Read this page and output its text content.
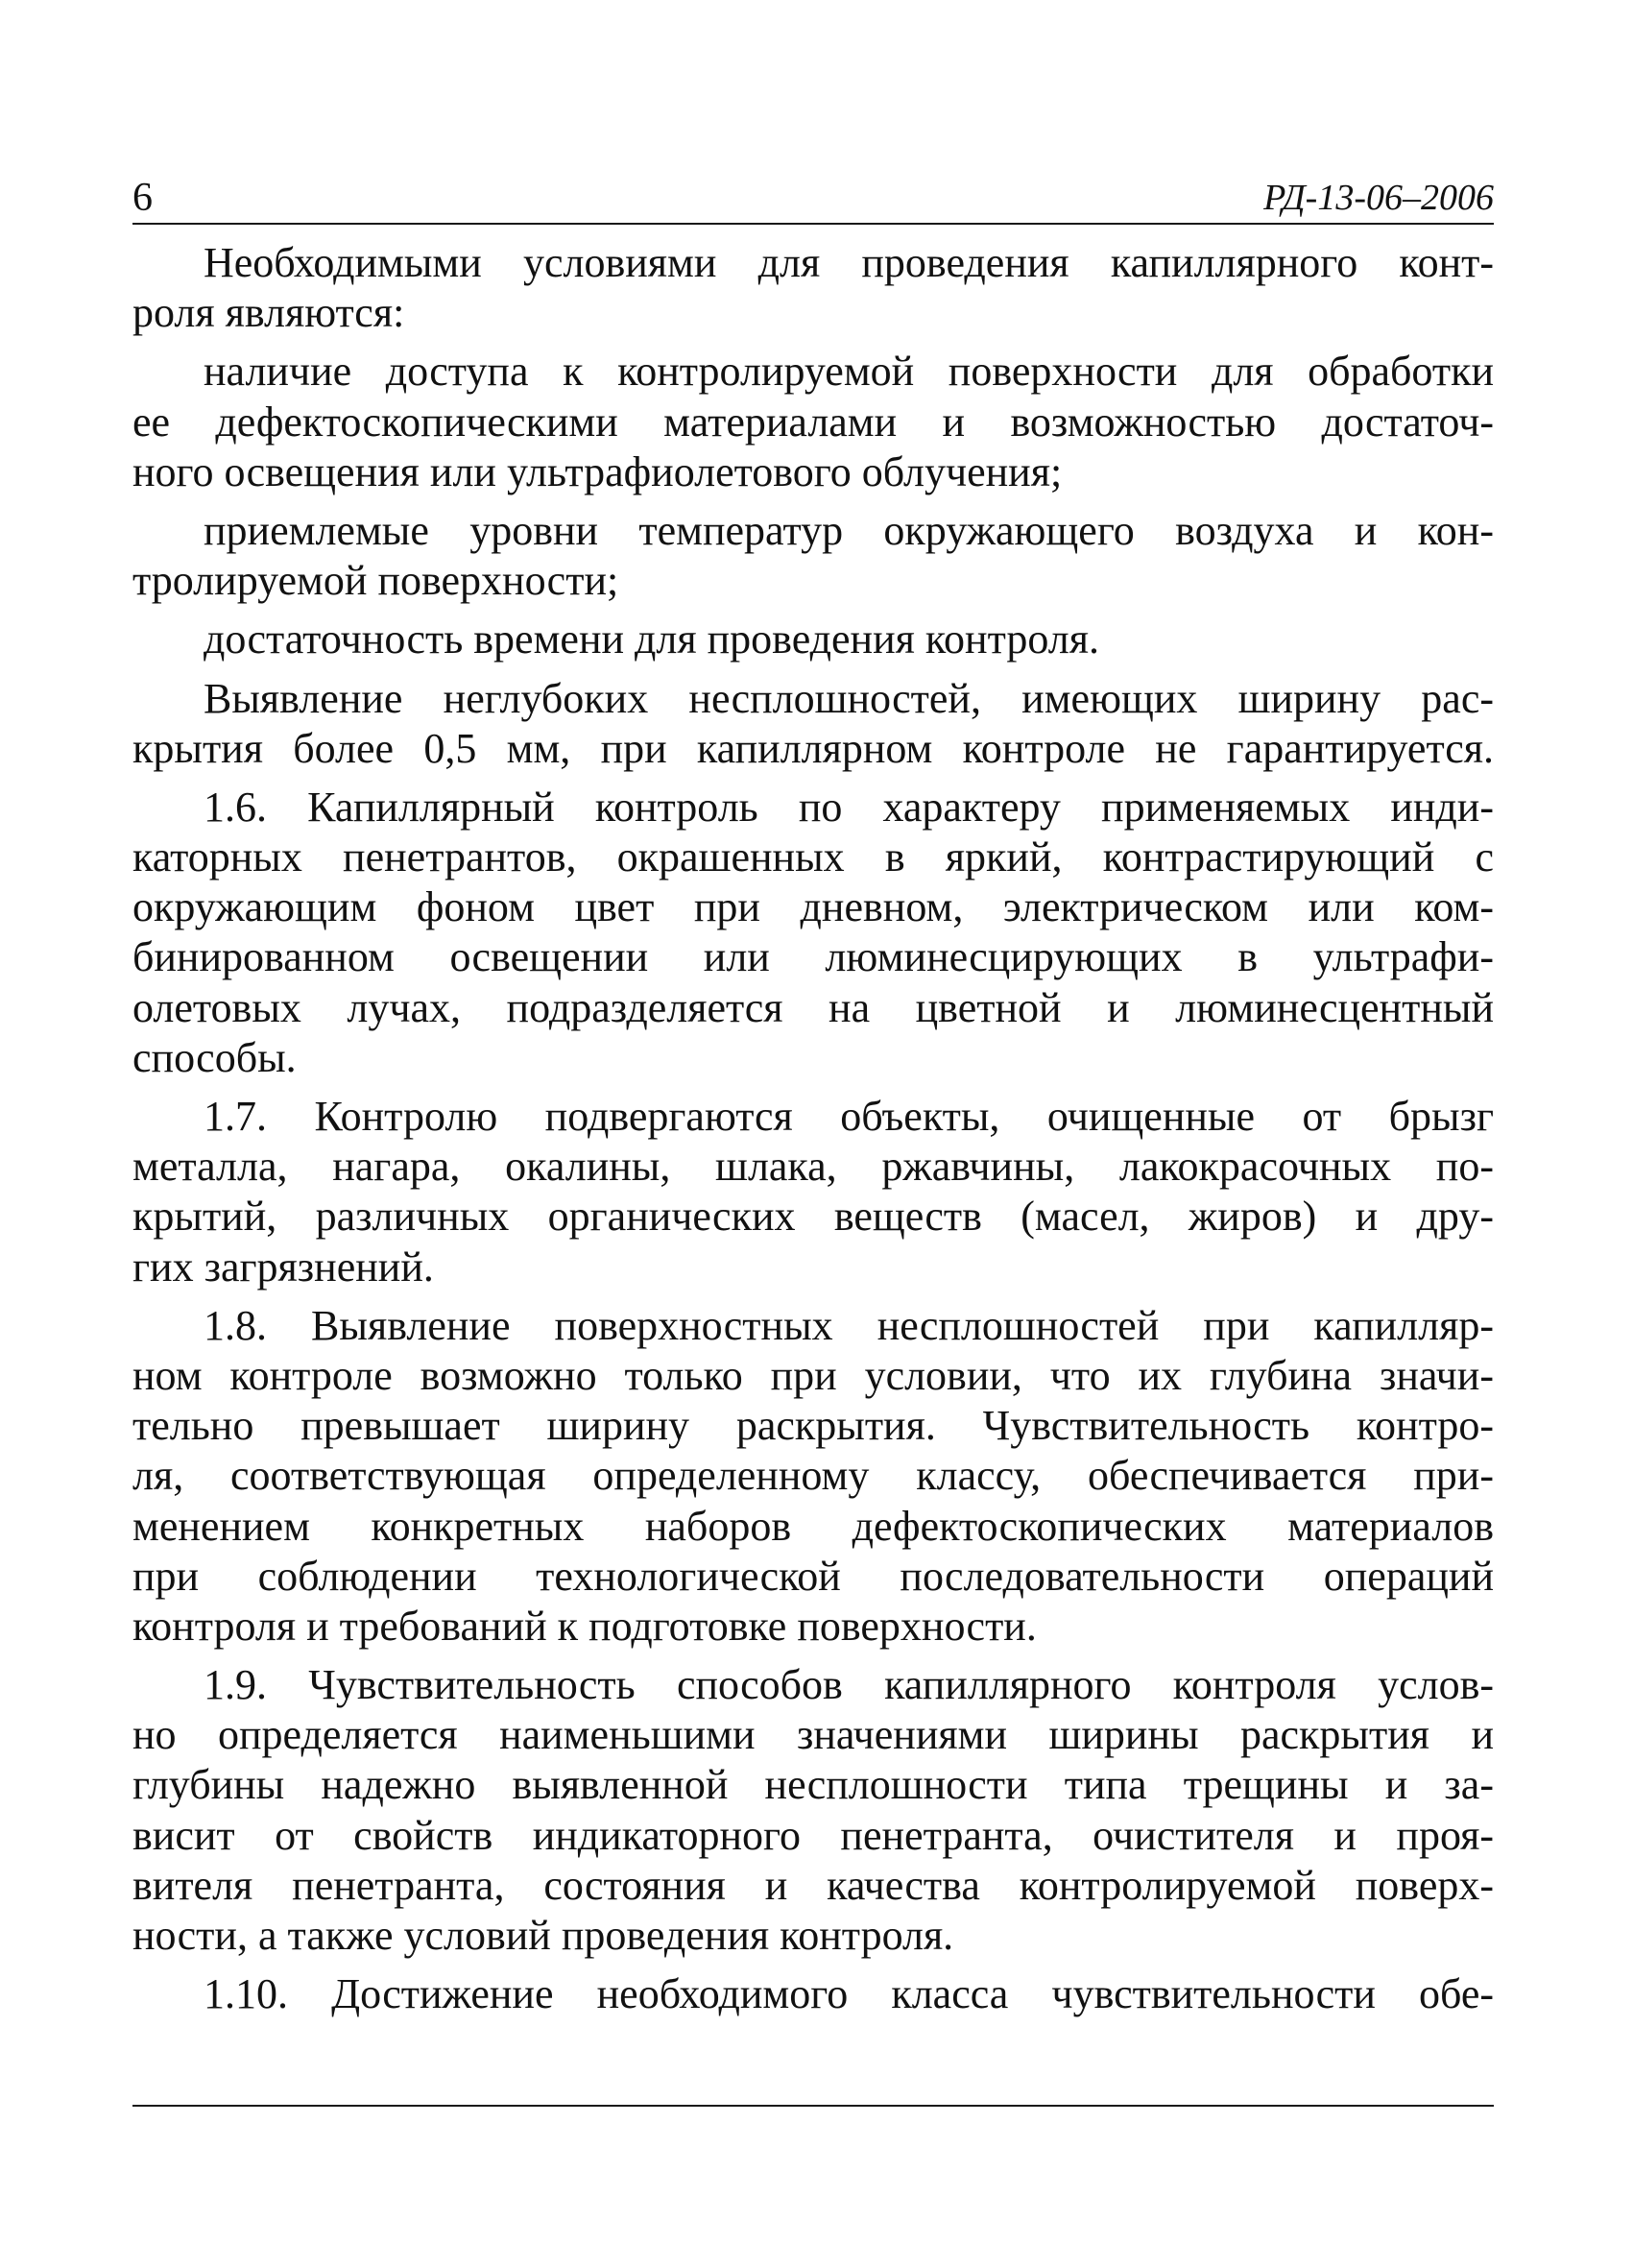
6	РД-13-06–2006
Необходимыми условиями для проведения капиллярного конт-
роля являются:
наличие доступа к контролируемой поверхности для обработки
ее дефектоскопическими материалами и возможностью достаточ-
ного освещения или ультрафиолетового облучения;
приемлемые уровни температур окружающего воздуха и кон-
тролируемой поверхности;
достаточность времени для проведения контроля.
Выявление неглубоких несплошностей, имеющих ширину рас-
крытия более 0,5 мм, при капиллярном контроле не гарантируется.
1.6. Капиллярный контроль по характеру применяемых инди-
каторных пенетрантов, окрашенных в яркий, контрастирующий с
окружающим фоном цвет при дневном, электрическом или ком-
бинированном освещении или люминесцирующих в ультрафи-
олетовых лучах, подразделяется на цветной и люминесцентный
способы.
1.7. Контролю подвергаются объекты, очищенные от брызг
металла, нагара, окалины, шлака, ржавчины, лакокрасочных по-
крытий, различных органических веществ (масел, жиров) и дру-
гих загрязнений.
1.8. Выявление поверхностных несплошностей при капилляр-
ном контроле возможно только при условии, что их глубина значи-
тельно превышает ширину раскрытия. Чувствительность контро-
ля, соответствующая определенному классу, обеспечивается при-
менением конкретных наборов дефектоскопических материалов
при соблюдении технологической последовательности операций
контроля и требований к подготовке поверхности.
1.9. Чувствительность способов капиллярного контроля услов-
но определяется наименьшими значениями ширины раскрытия и
глубины надежно выявленной несплошности типа трещины и за-
висит от свойств индикаторного пенетранта, очистителя и проя-
вителя пенетранта, состояния и качества контролируемой поверх-
ности, а также условий проведения контроля.
1.10. Достижение необходимого класса чувствительности обе-
